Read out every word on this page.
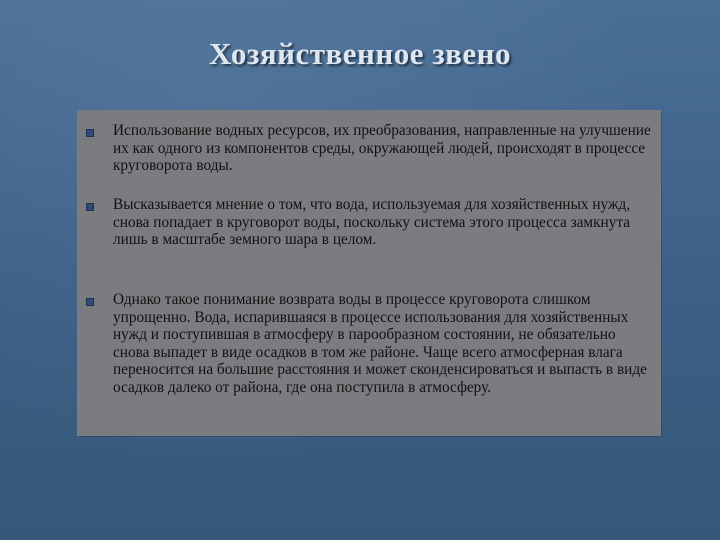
Хозяйственное звено
Использование водных ресурсов, их преобразования, направленные на улучшение их как одного из компонентов среды, окружающей людей, происходят в процессе круговорота воды.
Высказывается мнение о том, что вода, используемая для хозяйственных нужд, снова попадает в круговорот воды, поскольку система этого процесса замкнута лишь в масштабе земного шара в целом.
Однако такое понимание возврата воды в процессе круговорота слишком упрощенно. Вода, испарившаяся в процессе использования для хозяйственных нужд и поступившая в атмосферу в парообразном состоянии, не обязательно снова выпадет в виде осадков в том же районе. Чаще всего атмосферная влага переносится на большие расстояния и может сконденсироваться и выпасть в виде осадков далеко от района, где она поступила в атмосферу.
